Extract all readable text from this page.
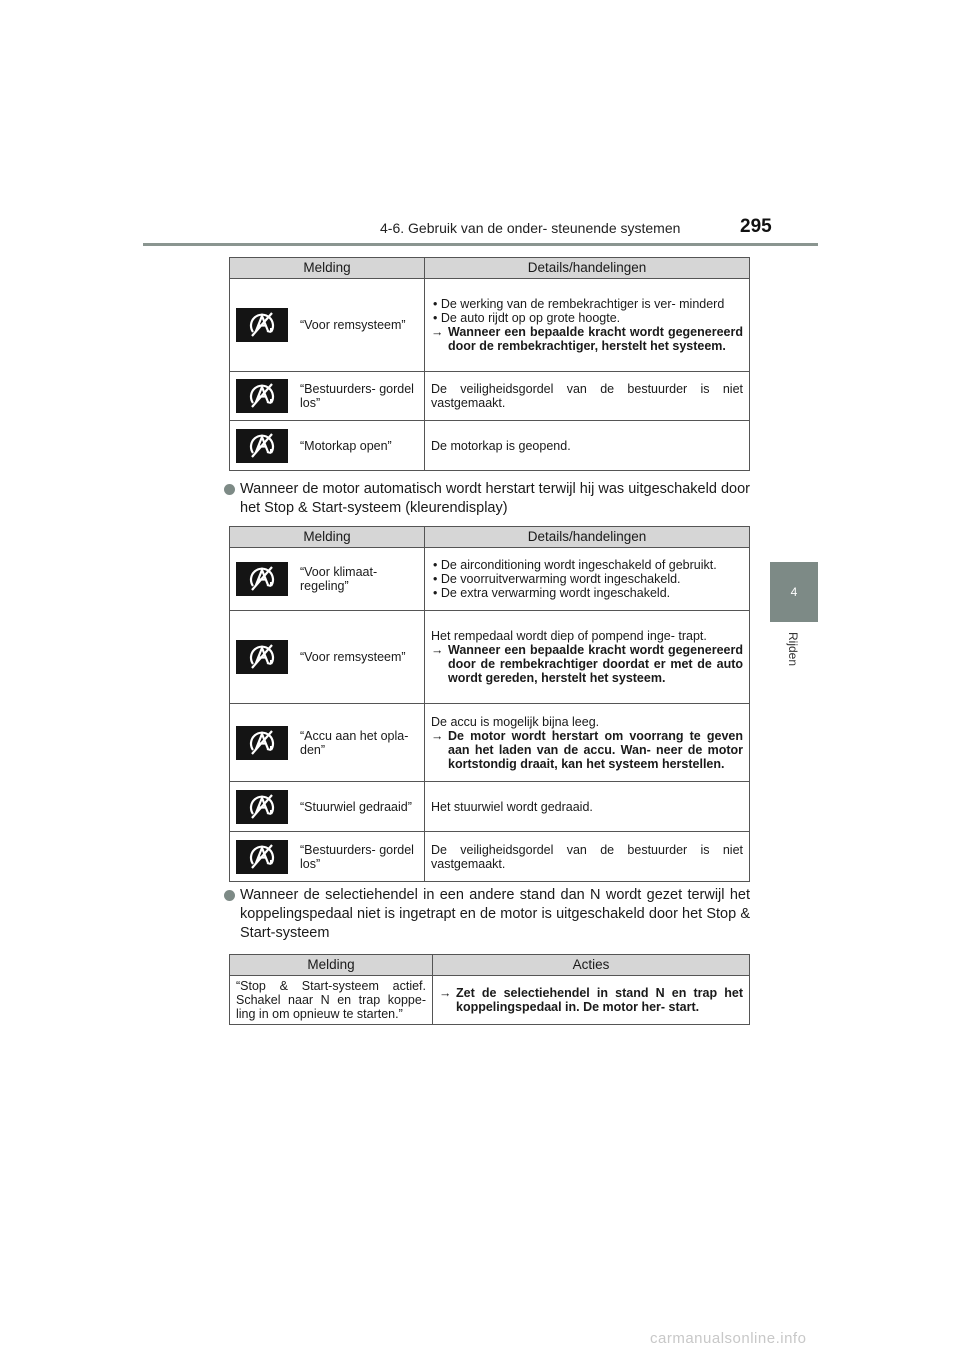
4-6. Gebruik van de onder- steunende systemen	295
4
Rijden
Melding	Details/handelingen

“Voor remsysteem”	• De werking van de rembekrachtiger is ver- minderd
• De auto rijdt op op grote hoogte.
→ Wanneer een bepaalde kracht wordt gegenereerd door de rembekrachtiger, herstelt het systeem.

“Bestuurders- gordel los”	De veiligheidsgordel van de bestuurder is niet vastgemaakt.

“Motorkap open”	De motorkap is geopend.
Wanneer de motor automatisch wordt herstart terwijl hij was uitgeschakeld door het Stop & Start-systeem (kleurendisplay)
Melding	Details/handelingen

“Voor klimaat- regeling”	• De airconditioning wordt ingeschakeld of gebruikt.
• De voorruitverwarming wordt ingeschakeld.
• De extra verwarming wordt ingeschakeld.

“Voor remsysteem”	Het rempedaal wordt diep of pompend inge- trapt.
→ Wanneer een bepaalde kracht wordt gegenereerd door de rembekrachtiger doordat er met de auto wordt gereden, herstelt het systeem.

“Accu aan het opla- den”	De accu is mogelijk bijna leeg.
→ De motor wordt herstart om voorrang te geven aan het laden van de accu. Wan- neer de motor kortstondig draait, kan het systeem herstellen.

“Stuurwiel gedraaid”	Het stuurwiel wordt gedraaid.

“Bestuurders- gordel los”	De veiligheidsgordel van de bestuurder is niet vastgemaakt.
Wanneer de selectiehendel in een andere stand dan N wordt gezet terwijl het koppelingspedaal niet is ingetrapt en de motor is uitgeschakeld door het Stop & Start-systeem
Melding	Acties
“Stop & Start-systeem actief. Schakel naar N en trap koppe- ling in om opnieuw te starten.”	→ Zet de selectiehendel in stand N en trap het koppelingspedaal in. De motor her- start.
carmanualsonline.info
